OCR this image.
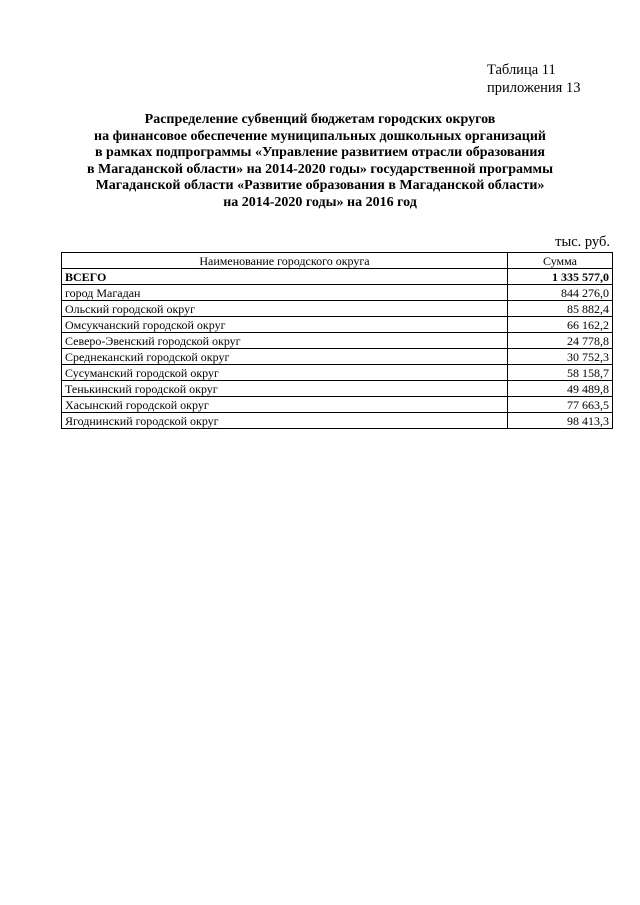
Таблица 11
приложения 13
Распределение субвенций бюджетам городских округов
на финансовое обеспечение муниципальных дошкольных организаций
в рамках подпрограммы «Управление развитием отрасли образования
в Магаданской области» на 2014-2020 годы» государственной программы
Магаданской области «Развитие образования в Магаданской области»
на 2014-2020 годы» на 2016 год
тыс. руб.
Наименование городского округа	Сумма
ВСЕГО	1 335 577,0
город Магадан	844 276,0
Ольский городской округ	85 882,4
Омсукчанский городской округ	66 162,2
Северо-Эвенский городской округ	24 778,8
Среднеканский городской округ	30 752,3
Сусуманский городской округ	58 158,7
Тенькинский городской округ	49 489,8
Хасынский городской округ	77 663,5
Ягоднинский городской округ	98 413,3
